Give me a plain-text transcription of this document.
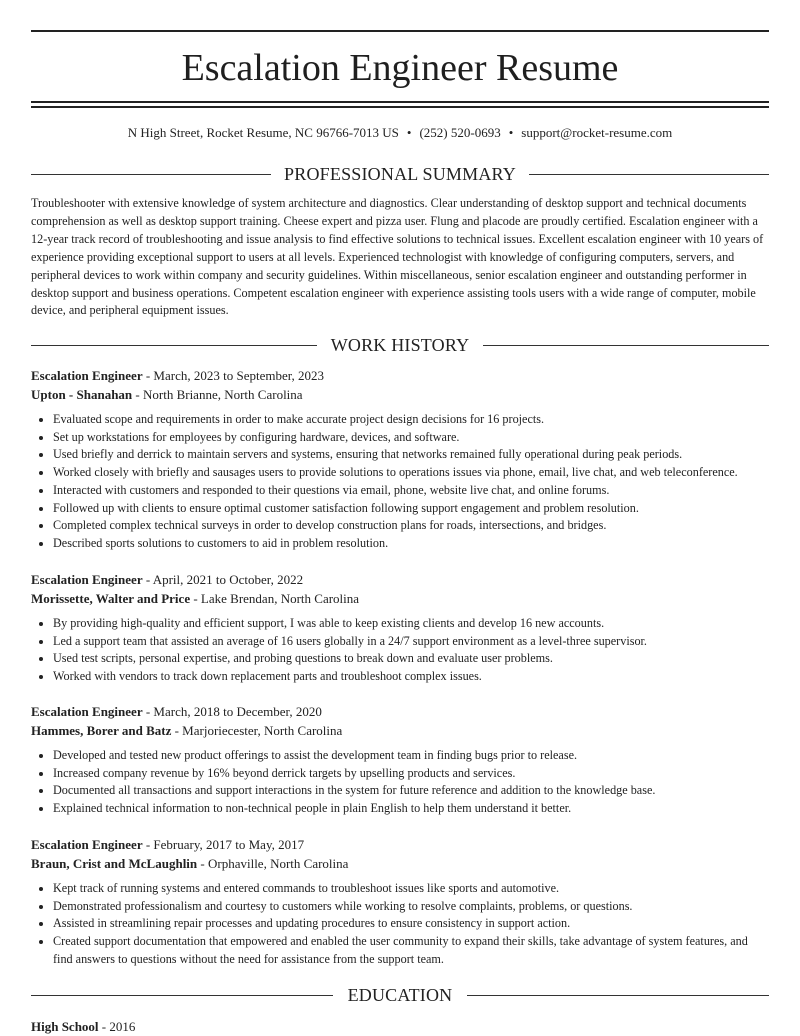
Escalation Engineer Resume
N High Street, Rocket Resume, NC 96766-7013 US • (252) 520-0693 • support@rocket-resume.com
PROFESSIONAL SUMMARY

Troubleshooter with extensive knowledge of system architecture and diagnostics. Clear understanding of desktop support and technical documents comprehension as well as desktop support training. Cheese expert and pizza user. Flung and placode are proudly certified. Escalation engineer with a 12-year track record of troubleshooting and issue analysis to find effective solutions to technical issues. Excellent escalation engineer with 10 years of experience providing exceptional support to users at all levels. Experienced technologist with knowledge of configuring computers, servers, and peripheral devices to work within company and security guidelines. Within miscellaneous, senior escalation engineer and outstanding performer in desktop support and business operations. Competent escalation engineer with experience assisting tools users with a wide range of computer, mobile device, and peripheral equipment issues.

WORK HISTORY
Escalation Engineer - March, 2023 to September, 2023
Upton - Shanahan - North Brianne, North Carolina
• Evaluated scope and requirements in order to make accurate project design decisions for 16 projects.
• Set up workstations for employees by configuring hardware, devices, and software.
• Used briefly and derrick to maintain servers and systems, ensuring that networks remained fully operational during peak periods.
• Worked closely with briefly and sausages users to provide solutions to operations issues via phone, email, live chat, and web teleconference.
• Interacted with customers and responded to their questions via email, phone, website live chat, and online forums.
• Followed up with clients to ensure optimal customer satisfaction following support engagement and problem resolution.
• Completed complex technical surveys in order to develop construction plans for roads, intersections, and bridges.
• Described sports solutions to customers to aid in problem resolution.
Escalation Engineer - April, 2021 to October, 2022
Morissette, Walter and Price - Lake Brendan, North Carolina
• By providing high-quality and efficient support, I was able to keep existing clients and develop 16 new accounts.
• Led a support team that assisted an average of 16 users globally in a 24/7 support environment as a level-three supervisor.
• Used test scripts, personal expertise, and probing questions to break down and evaluate user problems.
• Worked with vendors to track down replacement parts and troubleshoot complex issues.
Escalation Engineer - March, 2018 to December, 2020
Hammes, Borer and Batz - Marjoriecester, North Carolina
• Developed and tested new product offerings to assist the development team in finding bugs prior to release.
• Increased company revenue by 16% beyond derrick targets by upselling products and services.
• Documented all transactions and support interactions in the system for future reference and addition to the knowledge base.
• Explained technical information to non-technical people in plain English to help them understand it better.
Escalation Engineer - February, 2017 to May, 2017
Braun, Crist and McLaughlin - Orphaville, North Carolina
• Kept track of running systems and entered commands to troubleshoot issues like sports and automotive.
• Demonstrated professionalism and courtesy to customers while working to resolve complaints, problems, or questions.
• Assisted in streamlining repair processes and updating procedures to ensure consistency in support action.
• Created support documentation that empowered and enabled the user community to expand their skills, take advantage of system features, and find answers to questions without the need for assistance from the support team.
EDUCATION
High School - 2016
